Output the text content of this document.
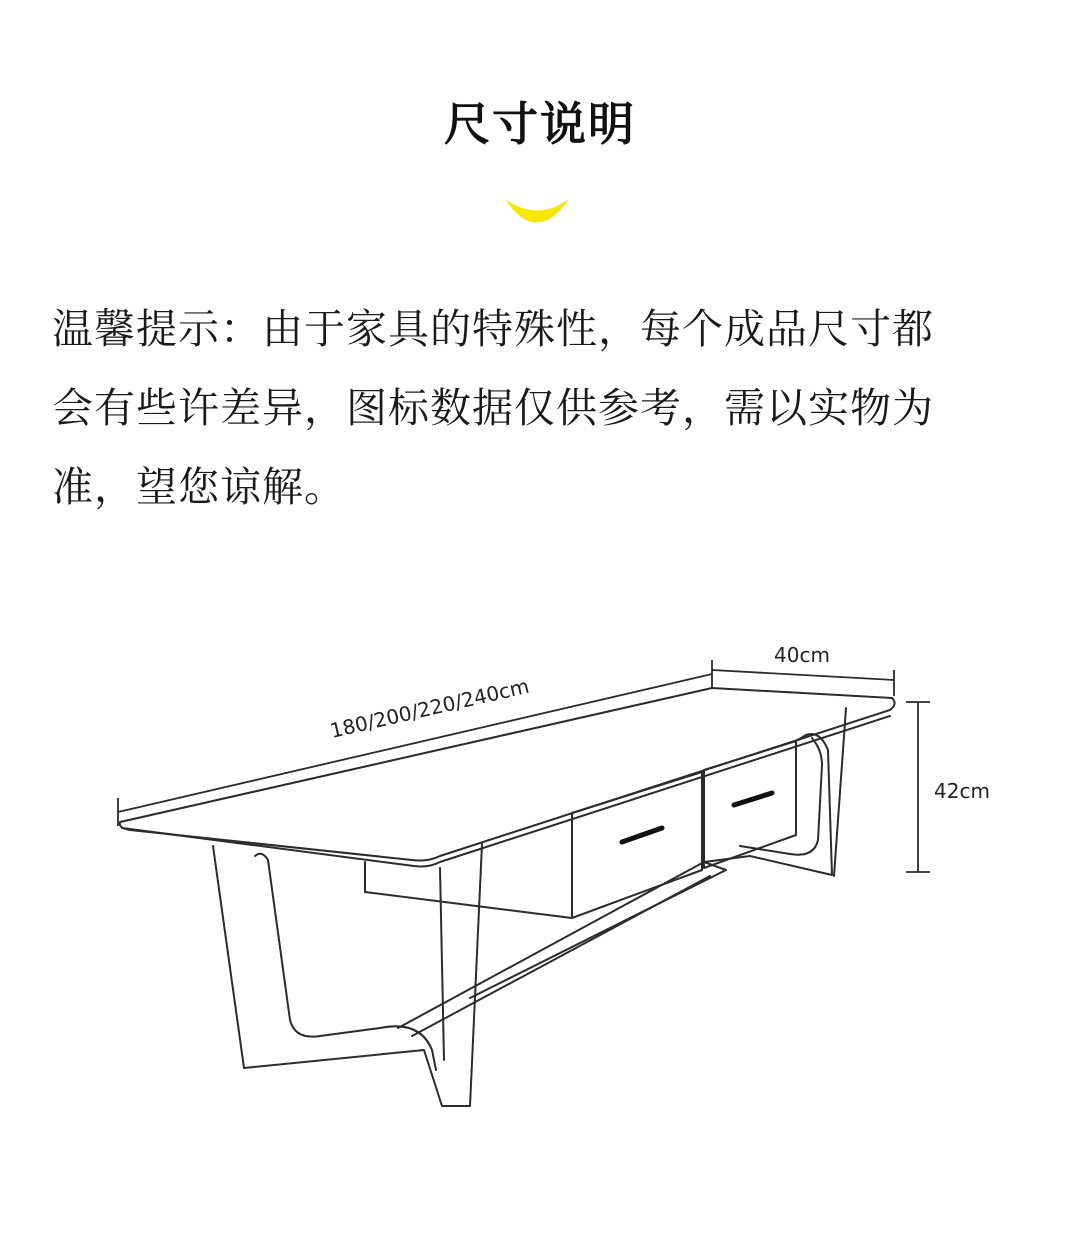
尺寸说明
温馨提示：由于家具的特殊性，每个成品尺寸都
会有些许差异，图标数据仅供参考，需以实物为
准，望您谅解。
180/200/220/240cm
40cm
42cm
